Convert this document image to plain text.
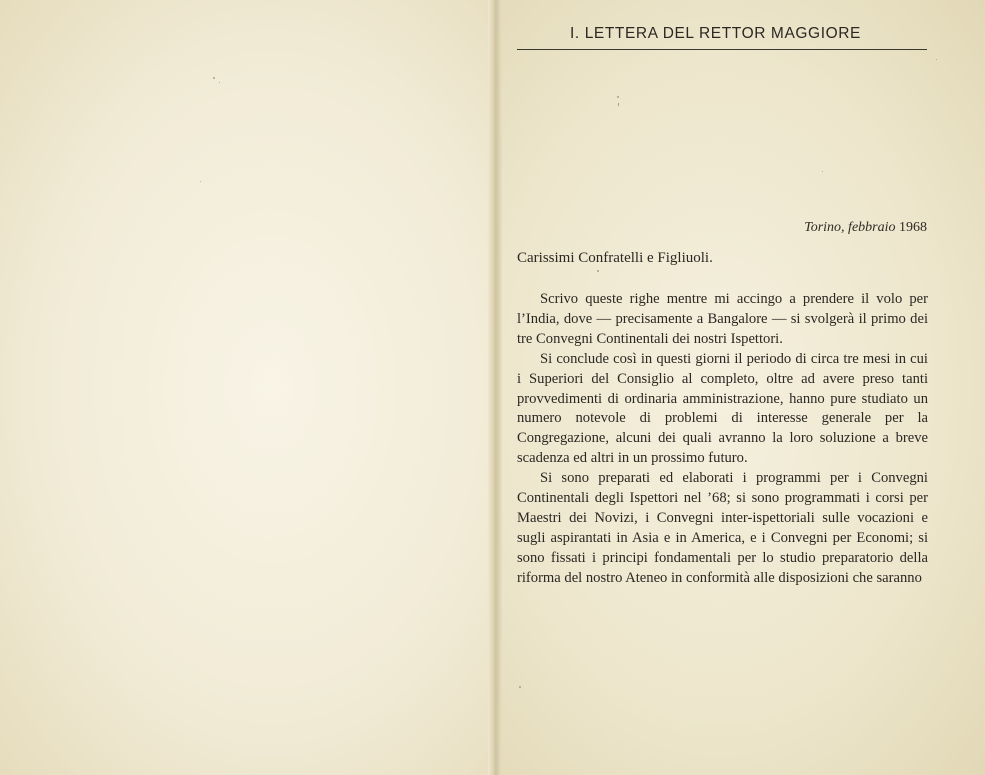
I. LETTERA DEL RETTOR MAGGIORE
Torino, febbraio 1968
Carissimi Confratelli e Figliuoli.

Scrivo queste righe mentre mi accingo a prendere il volo per l’India, dove — precisamente a Bangalore — si svolgerà il primo dei tre Convegni Continentali dei nostri Ispettori.

Si conclude così in questi giorni il periodo di circa tre mesi in cui i Superiori del Consiglio al completo, oltre ad avere preso tanti provvedimenti di ordinaria amministrazione, hanno pure studiato un numero notevole di problemi di interesse generale per la Congregazione, alcuni dei quali avranno la loro soluzione a breve scadenza ed altri in un prossimo futuro.

Si sono preparati ed elaborati i programmi per i Convegni Continentali degli Ispettori nel ’68; si sono programmati i corsi per Maestri dei Novizi, i Convegni inter-ispettoriali sulle vocazioni e sugli aspirantati in Asia e in America, e i Convegni per Economi; si sono fissati i principi fondamentali per lo studio preparatorio della riforma del nostro Ateneo in conformità alle disposizioni che saranno
